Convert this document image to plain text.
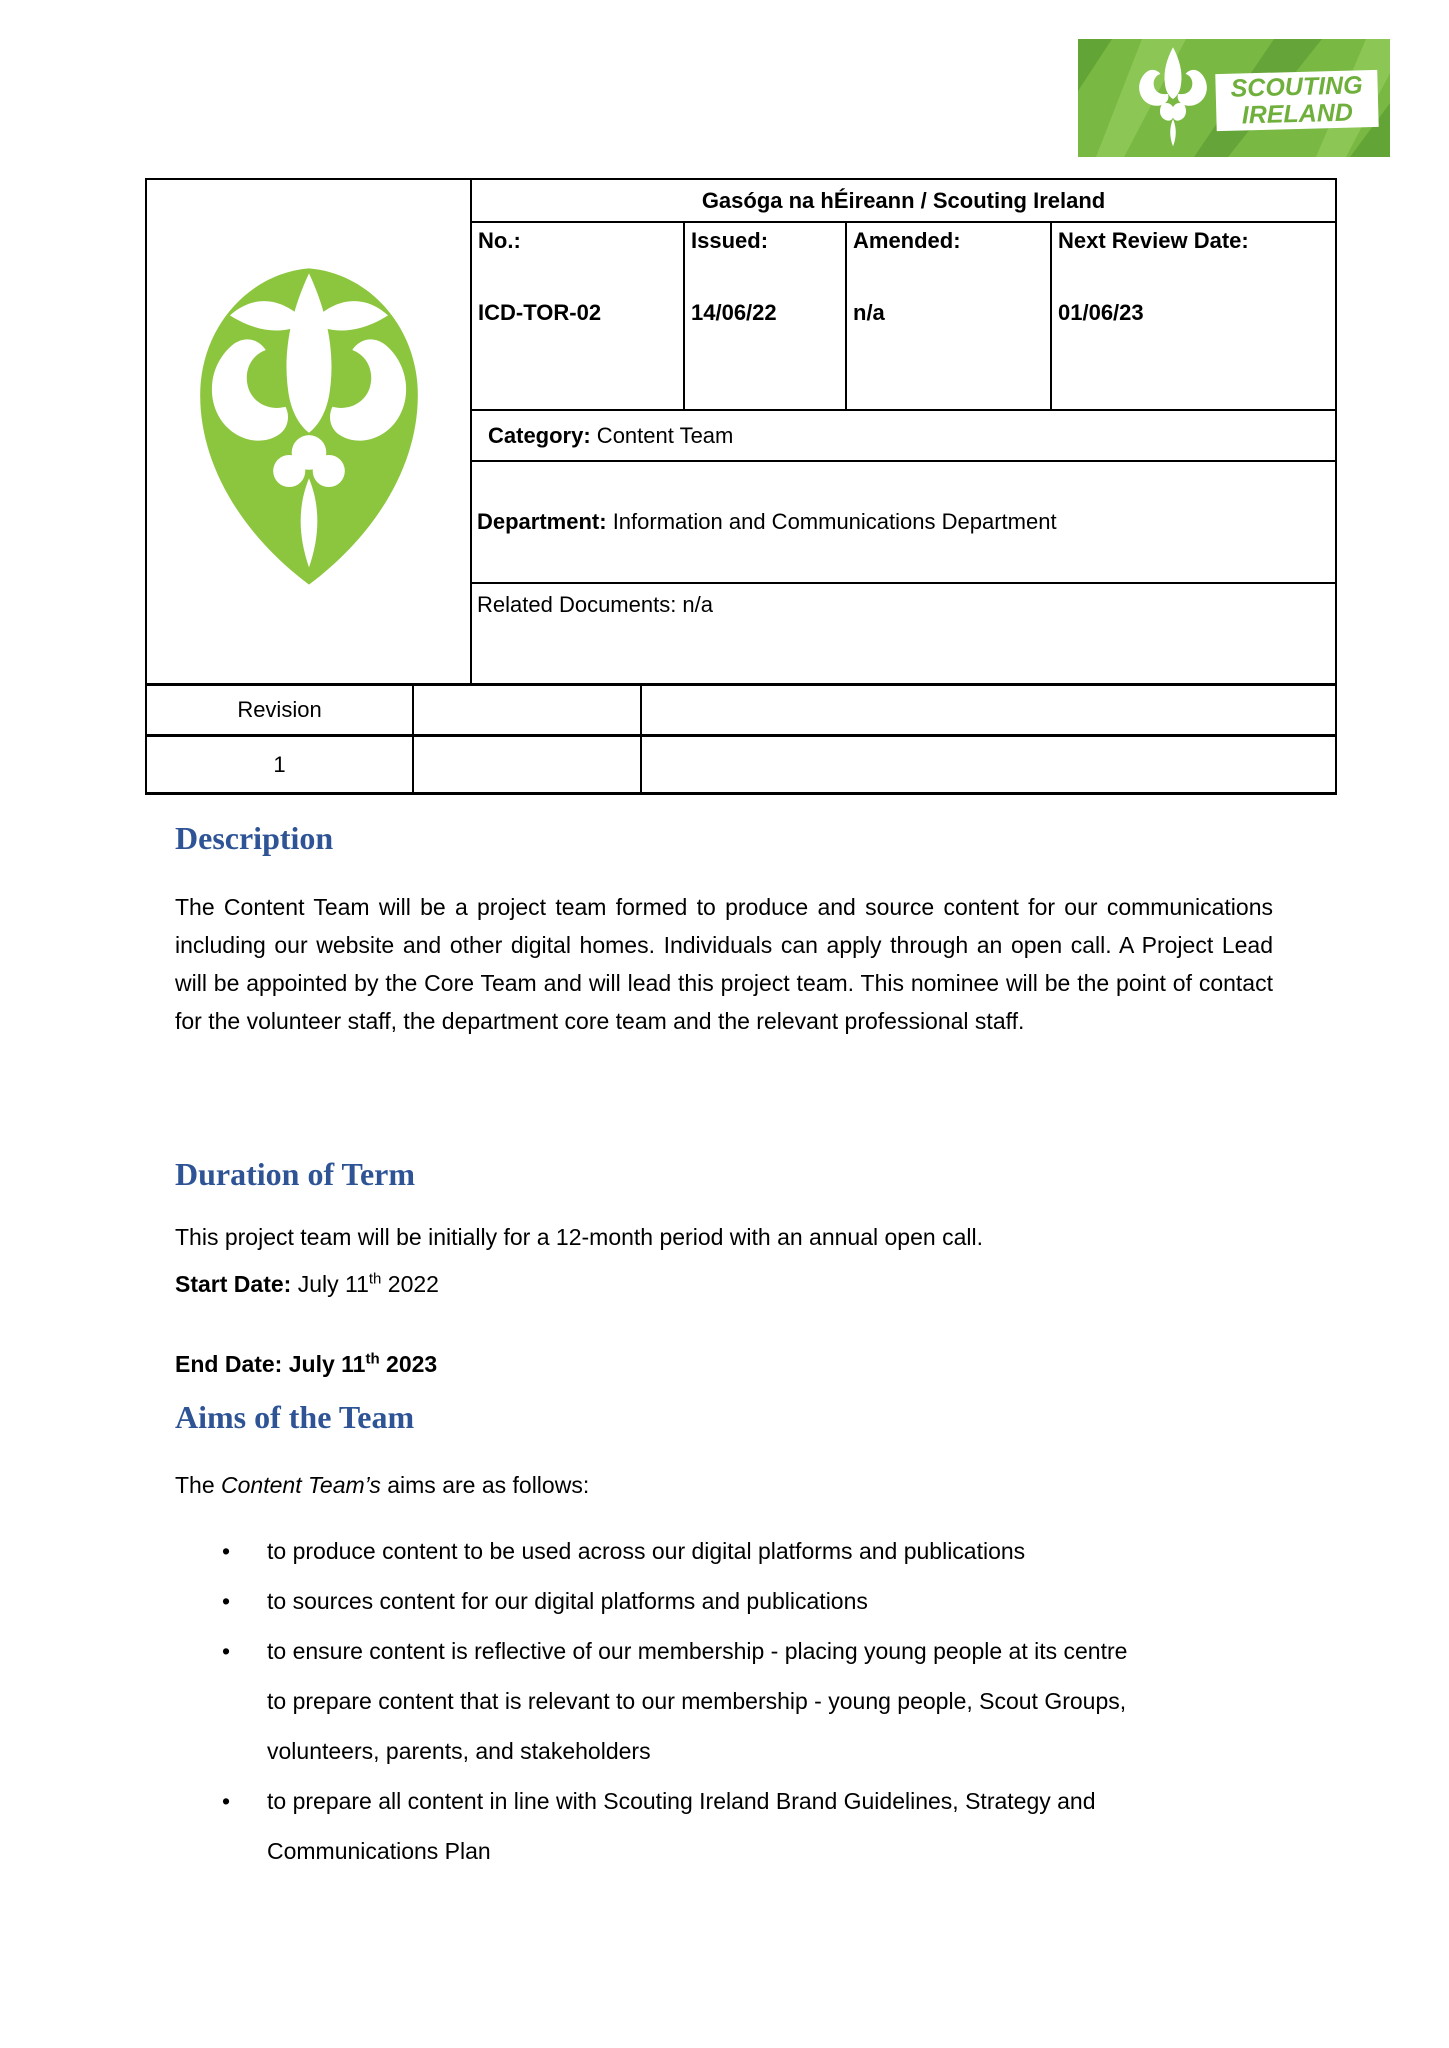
SCOUTING
IRELAND
	Gasóga na hÉireann / Scouting Ireland			

No.:
ICD-TOR-02

Issued:
14/06/22

Amended:
n/a

Next Review Date:
01/06/23

	Category: Content Team			
	Department: Information and Communications Department			
	Related Documents: n/a			
Revision		
1		
Description
The Content Team will be a project team formed to produce and source content for our communications including our website and other digital homes. Individuals can apply through an open call. A Project Lead will be appointed by the Core Team and will lead this project team. This nominee will be the point of contact for the volunteer staff, the department core team and the relevant professional staff.
Duration of Term
This project team will be initially for a 12-month period with an annual open call.
Start Date: July 11th 2022
End Date: July 11th 2023
Aims of the Team
The Content Team’s aims are as follows:
•	to produce content to be used across our digital platforms and publications
•	to sources content for our digital platforms and publications
•	to ensure content is reflective of our membership - placing young people at its centre
to prepare content that is relevant to our membership - young people, Scout Groups,
volunteers, parents, and stakeholders
•	to prepare all content in line with Scouting Ireland Brand Guidelines, Strategy and
Communications Plan
